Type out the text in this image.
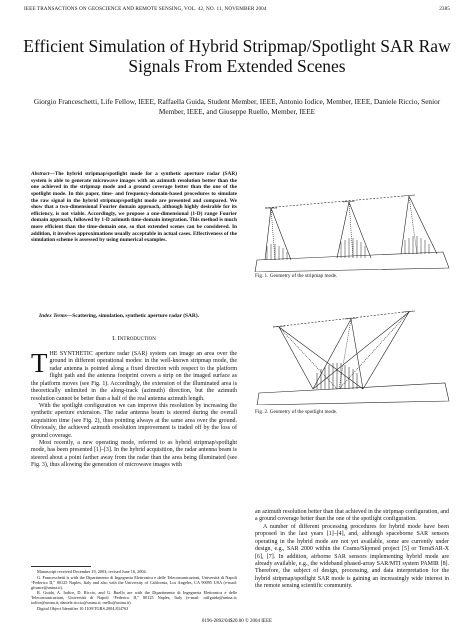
IEEE TRANSACTIONS ON GEOSCIENCE AND REMOTE SENSING, VOL. 42, NO. 11, NOVEMBER 2004	2385
Efficient Simulation of Hybrid Stripmap/Spotlight SAR Raw Signals From Extended Scenes
Giorgio Franceschetti, Life Fellow, IEEE, Raffaella Guida, Student Member, IEEE, Antonio Iodice, Member, IEEE, Daniele Riccio, Senior Member, IEEE, and Giuseppe Ruello, Member, IEEE
Abstract—The hybrid stripmap/spotlight mode for a synthetic aperture radar (SAR) system is able to generate microwave images with an azimuth resolution better than the one achieved in the stripmap mode and a ground coverage better than the one of the spotlight mode. In this paper, time- and frequency-domain-based procedures to simulate the raw signal in the hybrid stripmap/spotlight mode are presented and compared. We show that a two-dimensional Fourier domain approach, although highly desirable for its efficiency, is not viable. Accordingly, we propose a one-dimensional (1-D) range Fourier domain approach, followed by 1-D azimuth time-domain integration. This method is much more efficient than the time-domain one, so that extended scenes can be considered. In addition, it involves approximations usually acceptable in actual cases. Effectiveness of the simulation scheme is assessed by using numerical examples.
Index Terms—Scattering, simulation, synthetic aperture radar (SAR).
I. Introduction

THE SYNTHETIC aperture radar (SAR) system can image an area over the ground in different operational modes: in the well-known stripmap mode, the radar antenna is pointed along a fixed direction with respect to the platform flight path and the antenna footprint covers a strip on the imaged surface as the platform moves (see Fig. 1). Accordingly, the extension of the illuminated area is theoretically unlimited in the along-track (azimuth) direction, but the azimuth resolution cannot be better than a half of the real antenna azimuth length.

With the spotlight configuration we can improve this resolution by increasing the synthetic aperture extension. The radar antenna beam is steered during the overall acquisition time (see Fig. 2), thus pointing always at the same area over the ground. Obviously, the achieved azimuth resolution improvement is traded off by the loss of ground coverage.

Most recently, a new operating mode, referred to as hybrid stripmap/spotlight mode, has been presented [1]–[3]. In the hybrid acquisition, the radar antenna beam is steered about a point farther away from the radar than the area being illuminated (see Fig. 3), thus allowing the generation of microwave images with

Manuscript received December 19, 2003; revised June 16, 2004.

G. Franceschetti is with the Dipartimento di Ingegneria Elettronica e delle Telecomunicazioni, Università di Napoli “Federico II,” 80125 Naples, Italy and also with the University of California, Los Angeles, CA 90095 USA (e-mail: gfrance@unina.it).

R. Guida, A. Iodice, D. Riccio, and G. Ruello are with the Dipartimento di Ingegneria Elettronica e delle Telecomunicazioni, Università di Napoli “Federico II,” 80125 Naples, Italy (e-mail: raffguida@unina.it; iodice@unina.it; daniele.riccio@unina.it; ruello@unina.it).

Digital Object Identifier 10.1109/TGRS.2004.834763

Fig. 1. Geometry of the stripmap mode.
Fig. 2. Geometry of the spotlight mode.

an azimuth resolution better than that achieved in the stripmap configuration, and a ground coverage better than the one of the spotlight configuration.

A number of different processing procedures for hybrid mode have been proposed in the last years [1]–[4], and, although spaceborne SAR sensors operating in the hybrid mode are not yet available, some are currently under design, e.g., SAR 2000 within the Cosmo/Skymed project [5] or TerraSAR-X [6], [7]. In addition, airborne SAR sensors implementing hybrid mode are already available, e.g., the wideband phased-array SAR/MTI system PAMIR [8]. Therefore, the subject of design, processing, and data interpretation for the hybrid stripmap/spotlight SAR mode is gaining an increasingly wide interest in the remote sensing scientific community.

0196-2892/04$20.00 © 2004 IEEE
